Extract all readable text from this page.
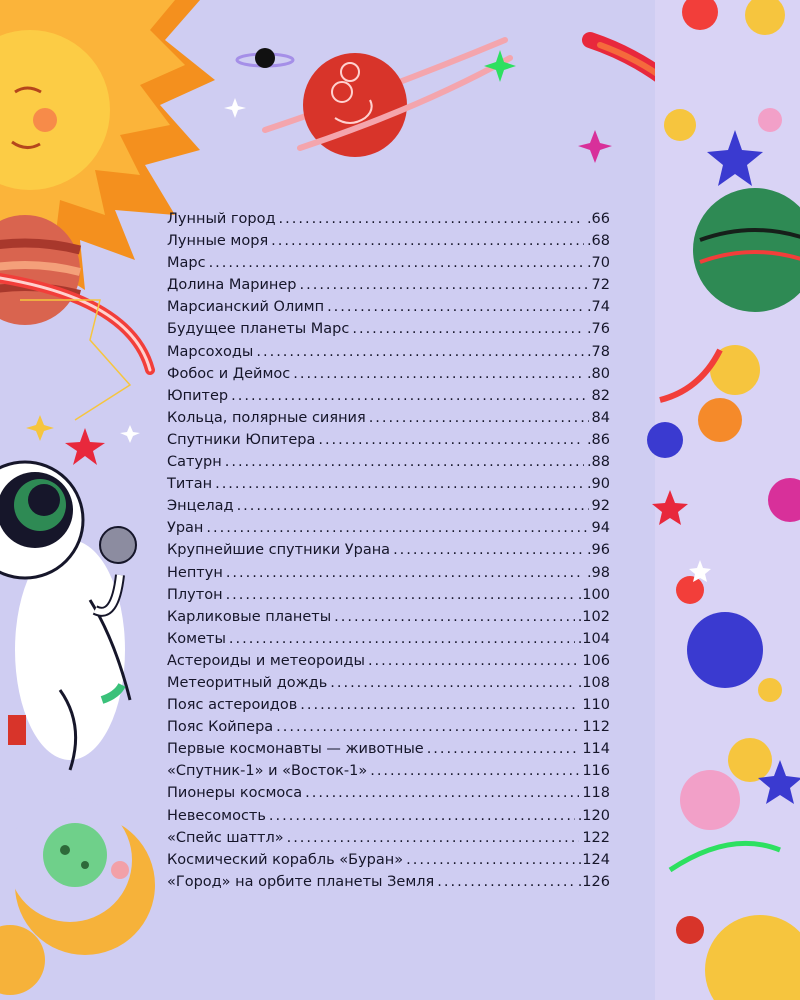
Лунный город .....	.66
Лунные моря .....	.68
Марс .....	.70
Долина Маринер .....	72
Марсианский Олимп .....	.74
Будущее планеты Марс .....	.76
Марсоходы .....	.78
Фобос и Деймос .....	.80
Юпитер .....	82
Кольца, полярные сияния .....	84
Спутники Юпитера .....	.86
Сатурн .....	.88
Титан .....	.90
Энцелад .....	92
Уран .....	94
Крупнейшие спутники Урана .....	.96
Нептун .....	.98
Плутон .....	.100
Карликовые планеты .....	.102
Кометы .....	.104
Астероиды и метеороиды .....	106
Метеоритный дождь .....	.108
Пояс астероидов .....	110
Пояс Койпера .....	112
Первые космонавты — животные .....	114
«Спутник-1» и «Восток-1» .....	116
Пионеры космоса .....	118
Невесомость .....	.120
«Спейс шаттл» .....	122
Космический корабль «Буран» .....	.124
«Город» на орбите планеты Земля .....	.126
